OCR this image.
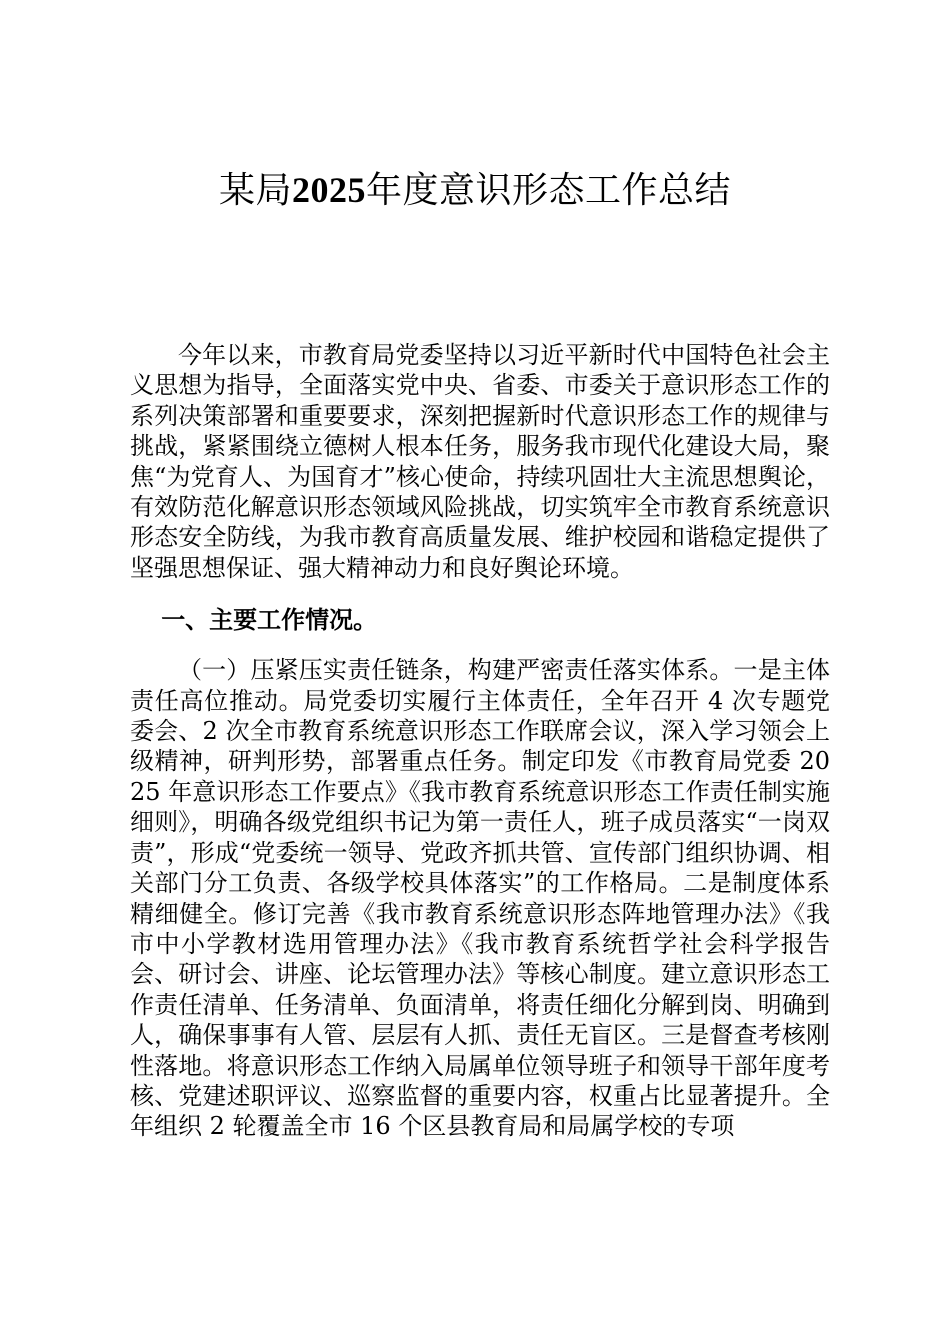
某局2025年度意识形态工作总结

今年以来，市教育局党委坚持以习近平新时代中国特色社会主义思想为指导，全面落实党中央、省委、市委关于意识形态工作的系列决策部署和重要要求，深刻把握新时代意识形态工作的规律与挑战，紧紧围绕立德树人根本任务，服务我市现代化建设大局，聚焦“为党育人、为国育才”核心使命，持续巩固壮大主流思想舆论，有效防范化解意识形态领域风险挑战，切实筑牢全市教育系统意识形态安全防线，为我市教育高质量发展、维护校园和谐稳定提供了坚强思想保证、强大精神动力和良好舆论环境。

一、主要工作情况。

（一）压紧压实责任链条，构建严密责任落实体系。一是主体责任高位推动。局党委切实履行主体责任，全年召开 4 次专题党委会、2 次全市教育系统意识形态工作联席会议，深入学习领会上级精神，研判形势，部署重点任务。制定印发《市教育局党委 2025 年意识形态工作要点》《我市教育系统意识形态工作责任制实施细则》，明确各级党组织书记为第一责任人，班子成员落实“一岗双责”，形成“党委统一领导、党政齐抓共管、宣传部门组织协调、相关部门分工负责、各级学校具体落实”的工作格局。二是制度体系精细健全。修订完善《我市教育系统意识形态阵地管理办法》《我市中小学教材选用管理办法》《我市教育系统哲学社会科学报告会、研讨会、讲座、论坛管理办法》等核心制度。建立意识形态工作责任清单、任务清单、负面清单，将责任细化分解到岗、明确到人，确保事事有人管、层层有人抓、责任无盲区。三是督查考核刚性落地。将意识形态工作纳入局属单位领导班子和领导干部年度考核、党建述职评议、巡察监督的重要内容，权重占比显著提升。全年组织 2 轮覆盖全市 16 个区县教育局和局属学校的专项
